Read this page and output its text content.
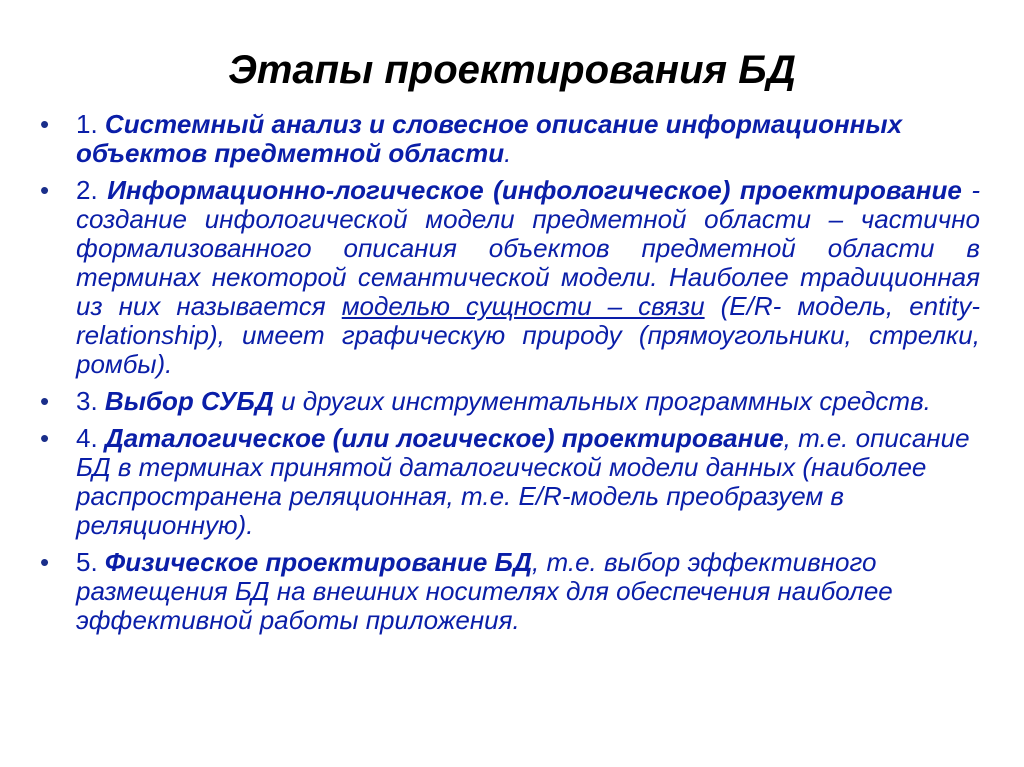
Этапы проектирования БД
• 1. Системный анализ и словесное описание информационных объектов предметной области.
• 2. Информационно-логическое (инфологическое) проектирование - создание инфологической модели предметной области – частично формализованного описания объектов предметной области в терминах некоторой семантической модели. Наиболее традиционная из них называется моделью сущности – связи (E/R- модель, entity-relationship), имеет графическую природу (прямоугольники, стрелки, ромбы).
• 3. Выбор СУБД и других инструментальных программных средств.
• 4. Даталогическое (или логическое) проектирование, т.е. описание БД в терминах принятой даталогической модели данных (наиболее распространена реляционная, т.е. E/R-модель преобразуем в реляционную).
• 5. Физическое проектирование БД, т.е. выбор эффективного размещения БД на внешних носителях для обеспечения наиболее эффективной работы приложения.
